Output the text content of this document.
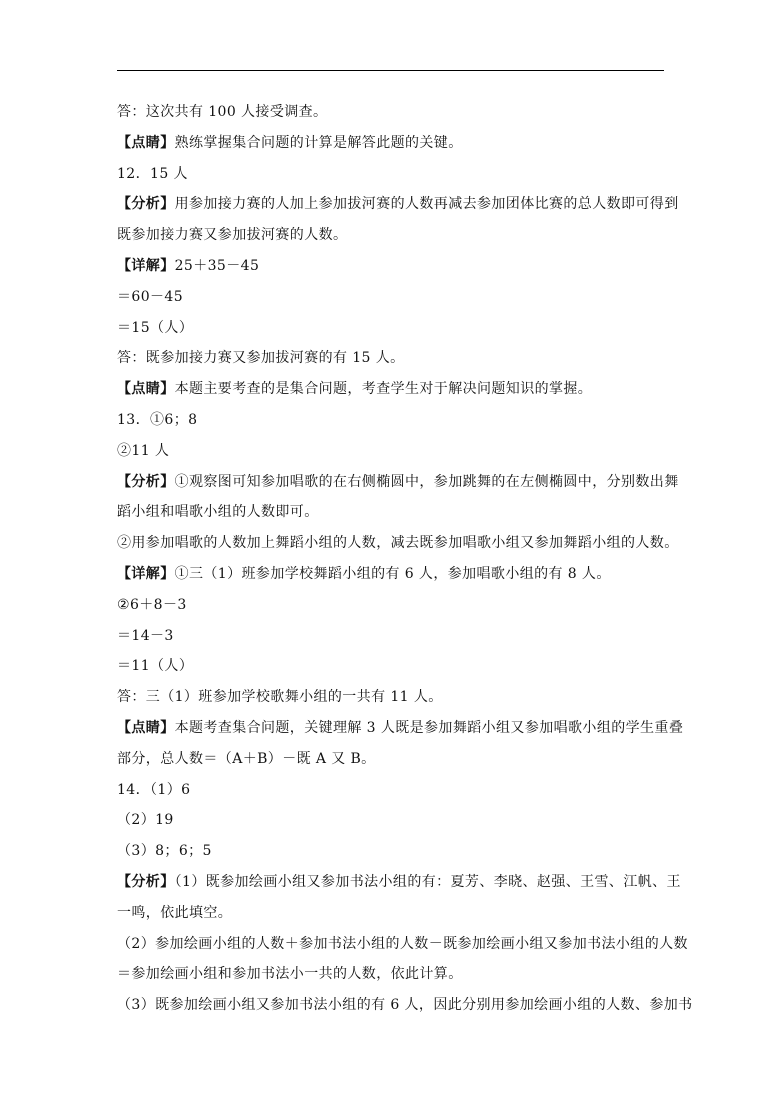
答：这次共有 100 人接受调查。
【点睛】熟练掌握集合问题的计算是解答此题的关键。
12．15 人
【分析】用参加接力赛的人加上参加拔河赛的人数再减去参加团体比赛的总人数即可得到
既参加接力赛又参加拔河赛的人数。
【详解】25＋35－45
＝60－45
＝15（人）
答：既参加接力赛又参加拔河赛的有 15 人。
【点睛】本题主要考查的是集合问题，考查学生对于解决问题知识的掌握。
13．①6；8
②11 人
【分析】①观察图可知参加唱歌的在右侧椭圆中，参加跳舞的在左侧椭圆中，分别数出舞
蹈小组和唱歌小组的人数即可。
②用参加唱歌的人数加上舞蹈小组的人数，减去既参加唱歌小组又参加舞蹈小组的人数。
【详解】①三（1）班参加学校舞蹈小组的有 6 人，参加唱歌小组的有 8 人。
②6＋8－3
＝14－3
＝11（人）
答：三（1）班参加学校歌舞小组的一共有 11 人。
【点睛】本题考查集合问题，关键理解 3 人既是参加舞蹈小组又参加唱歌小组的学生重叠
部分，总人数＝（A＋B）－既 A 又 B。
14．（1）6
（2）19
（3）8；6；5
【分析】（1）既参加绘画小组又参加书法小组的有：夏芳、李晓、赵强、王雪、江帆、王
一鸣，依此填空。
（2）参加绘画小组的人数＋参加书法小组的人数－既参加绘画小组又参加书法小组的人数
＝参加绘画小组和参加书法小一共的人数，依此计算。
（3）既参加绘画小组又参加书法小组的有 6 人，因此分别用参加绘画小组的人数、参加书
